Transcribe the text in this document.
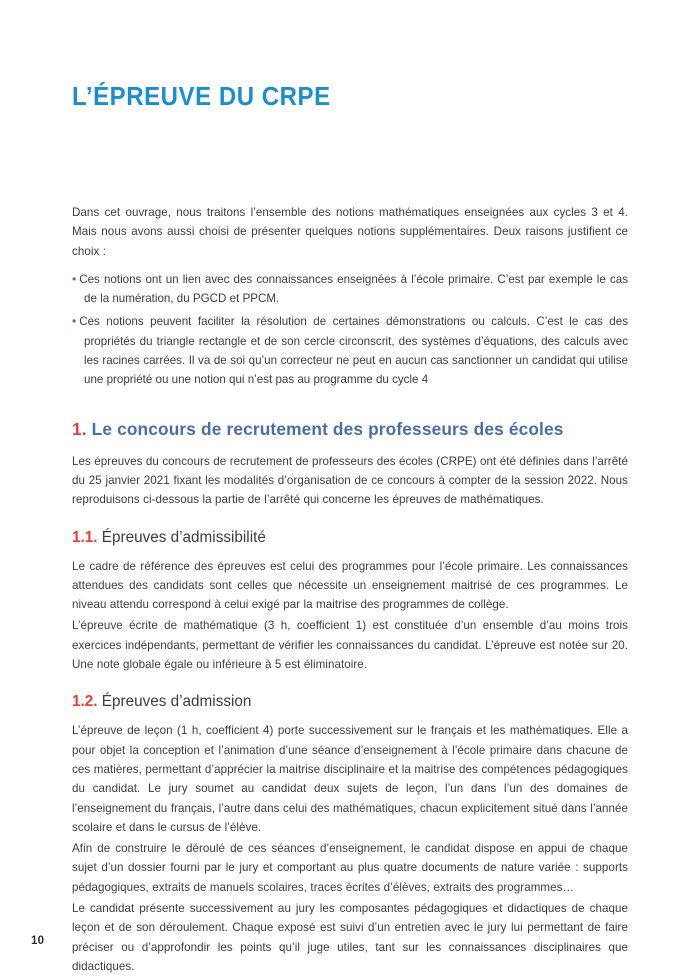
L’ÉPREUVE DU CRPE

Dans cet ouvrage, nous traitons l’ensemble des notions mathématiques enseignées aux cycles 3 et 4. Mais nous avons aussi choisi de présenter quelques notions supplémentaires. Deux raisons justifient ce choix :

• Ces notions ont un lien avec des connaissances enseignées à l’école primaire. C’est par exemple le cas de la numération, du PGCD et PPCM.

• Ces notions peuvent faciliter la résolution de certaines démonstrations ou calculs. C’est le cas des propriétés du triangle rectangle et de son cercle circonscrit, des systèmes d’équations, des calculs avec les racines carrées. Il va de soi qu’un correcteur ne peut en aucun cas sanctionner un candidat qui utilise une propriété ou une notion qui n’est pas au programme du cycle 4

1. Le concours de recrutement des professeurs des écoles

Les épreuves du concours de recrutement de professeurs des écoles (CRPE) ont été définies dans l’arrêté du 25 janvier 2021 fixant les modalités d’organisation de ce concours à compter de la session 2022. Nous reproduisons ci-dessous la partie de l’arrêté qui concerne les épreuves de mathématiques.

1.1. Épreuves d’admissibilité

Le cadre de référence des épreuves est celui des programmes pour l’école primaire. Les connaissances attendues des candidats sont celles que nécessite un enseignement maitrisé de ces programmes. Le niveau attendu correspond à celui exigé par la maitrise des programmes de collège.

L’épreuve écrite de mathématique (3 h, coefficient 1) est constituée d’un ensemble d’au moins trois exercices indépendants, permettant de vérifier les connaissances du candidat. L’épreuve est notée sur 20. Une note globale égale ou inférieure à 5 est éliminatoire.

1.2. Épreuves d’admission

L’épreuve de leçon (1 h, coefficient 4) porte successivement sur le français et les mathématiques. Elle a pour objet la conception et l’animation d’une séance d’enseignement à l’école primaire dans chacune de ces matières, permettant d’apprécier la maitrise disciplinaire et la maitrise des compétences pédagogiques du candidat. Le jury soumet au candidat deux sujets de leçon, l’un dans l’un des domaines de l’enseignement du français, l’autre dans celui des mathématiques, chacun explicitement situé dans l’année scolaire et dans le cursus de l’élève.

Afin de construire le déroulé de ces séances d’enseignement, le candidat dispose en appui de chaque sujet d’un dossier fourni par le jury et comportant au plus quatre documents de nature variée : supports pédagogiques, extraits de manuels scolaires, traces écrites d’élèves, extraits des programmes…

Le candidat présente successivement au jury les composantes pédagogiques et didactiques de chaque leçon et de son déroulement. Chaque exposé est suivi d’un entretien avec le jury lui permettant de faire préciser ou d’approfondir les points qu’il juge utiles, tant sur les connaissances disciplinaires que didactiques.

10
